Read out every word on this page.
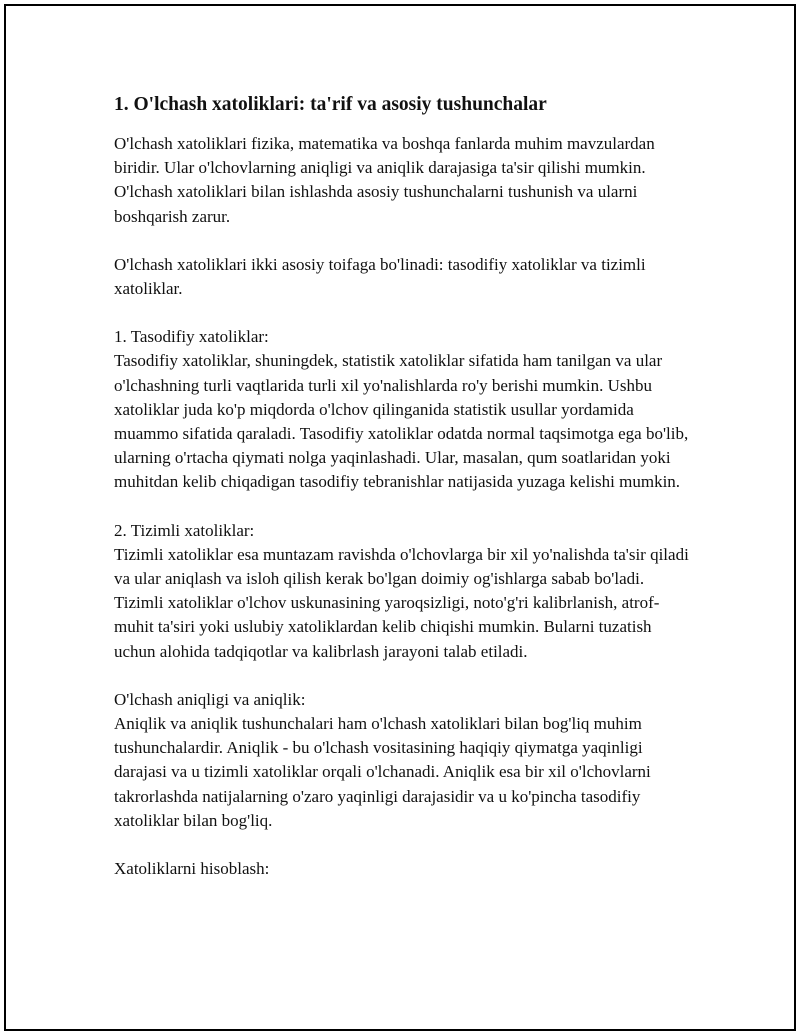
1. O'lchash xatoliklari: ta'rif va asosiy tushunchalar

O'lchash xatoliklari fizika, matematika va boshqa fanlarda muhim mavzulardan biridir. Ular o'lchovlarning aniqligi va aniqlik darajasiga ta'sir qilishi mumkin. O'lchash xatoliklari bilan ishlashda asosiy tushunchalarni tushunish va ularni boshqarish zarur.

O'lchash xatoliklari ikki asosiy toifaga bo'linadi: tasodifiy xatoliklar va tizimli xatoliklar.

1. Tasodifiy xatoliklar:

Tasodifiy xatoliklar, shuningdek, statistik xatoliklar sifatida ham tanilgan va ular o'lchashning turli vaqtlarida turli xil yo'nalishlarda ro'y berishi mumkin. Ushbu xatoliklar juda ko'p miqdorda o'lchov qilinganida statistik usullar yordamida muammo sifatida qaraladi. Tasodifiy xatoliklar odatda normal taqsimotga ega bo'lib, ularning o'rtacha qiymati nolga yaqinlashadi. Ular, masalan, qum soatlaridan yoki muhitdan kelib chiqadigan tasodifiy tebranishlar natijasida yuzaga kelishi mumkin.

2. Tizimli xatoliklar:

Tizimli xatoliklar esa muntazam ravishda o'lchovlarga bir xil yo'nalishda ta'sir qiladi va ular aniqlash va isloh qilish kerak bo'lgan doimiy og'ishlarga sabab bo'ladi. Tizimli xatoliklar o'lchov uskunasining yaroqsizligi, noto'g'ri kalibrlanish, atrof-muhit ta'siri yoki uslubiy xatoliklardan kelib chiqishi mumkin. Bularni tuzatish uchun alohida tadqiqotlar va kalibrlash jarayoni talab etiladi.

O'lchash aniqligi va aniqlik:

Aniqlik va aniqlik tushunchalari ham o'lchash xatoliklari bilan bog'liq muhim tushunchalardir. Aniqlik - bu o'lchash vositasining haqiqiy qiymatga yaqinligi darajasi va u tizimli xatoliklar orqali o'lchanadi. Aniqlik esa bir xil o'lchovlarni takrorlashda natijalarning o'zaro yaqinligi darajasidir va u ko'pincha tasodifiy xatoliklar bilan bog'liq.

Xatoliklarni hisoblash:
